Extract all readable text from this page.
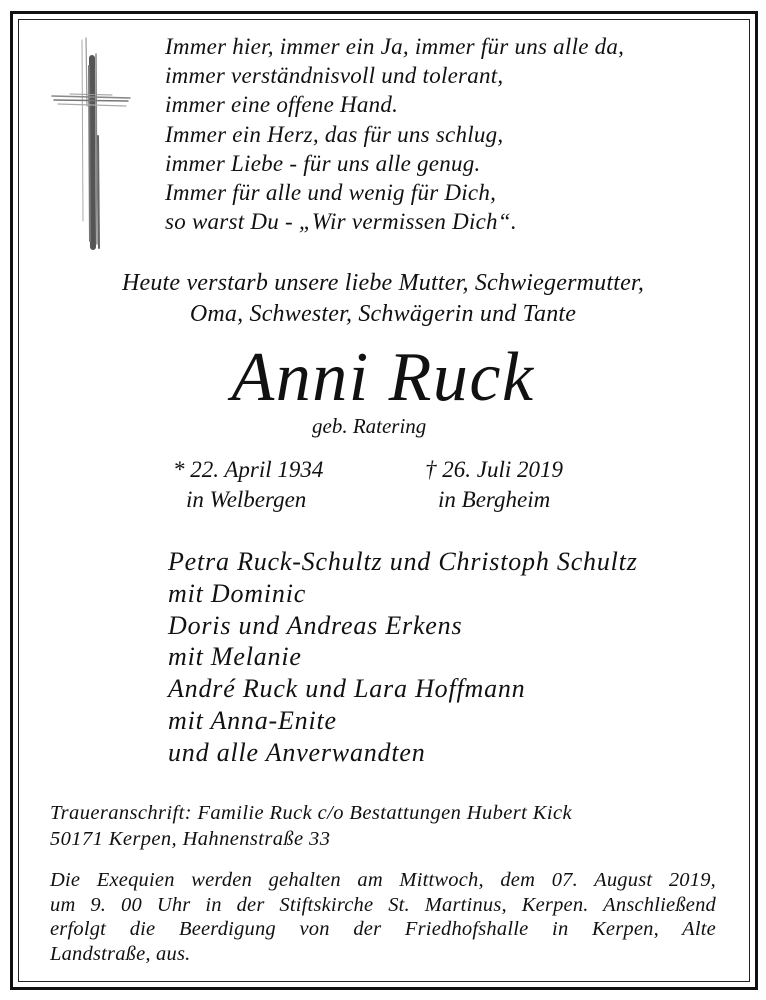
Immer hier, immer ein Ja, immer für uns alle da,
immer verständnisvoll und tolerant,
immer eine offene Hand.
Immer ein Herz, das für uns schlug,
immer Liebe - für uns alle genug.
Immer für alle und wenig für Dich,
so warst Du - „Wir vermissen Dich“.
Heute verstarb unsere liebe Mutter, Schwiegermutter,
Oma, Schwester, Schwägerin und Tante
Anni Ruck
geb. Ratering
* 22. April 1934
in Welbergen
† 26. Juli 2019
in Bergheim
Petra Ruck-Schultz und Christoph Schultz
mit Dominic
Doris und Andreas Erkens
mit Melanie
André Ruck und Lara Hoffmann
mit Anna-Enite
und alle Anverwandten
Traueranschrift: Familie Ruck c/o Bestattungen Hubert Kick
50171 Kerpen, Hahnenstraße 33
Die Exequien werden gehalten am Mittwoch, dem 07. August 2019,
um 9. 00 Uhr in der Stiftskirche St. Martinus, Kerpen. Anschließend
erfolgt die Beerdigung von der Friedhofshalle in Kerpen, Alte
Landstraße, aus.
